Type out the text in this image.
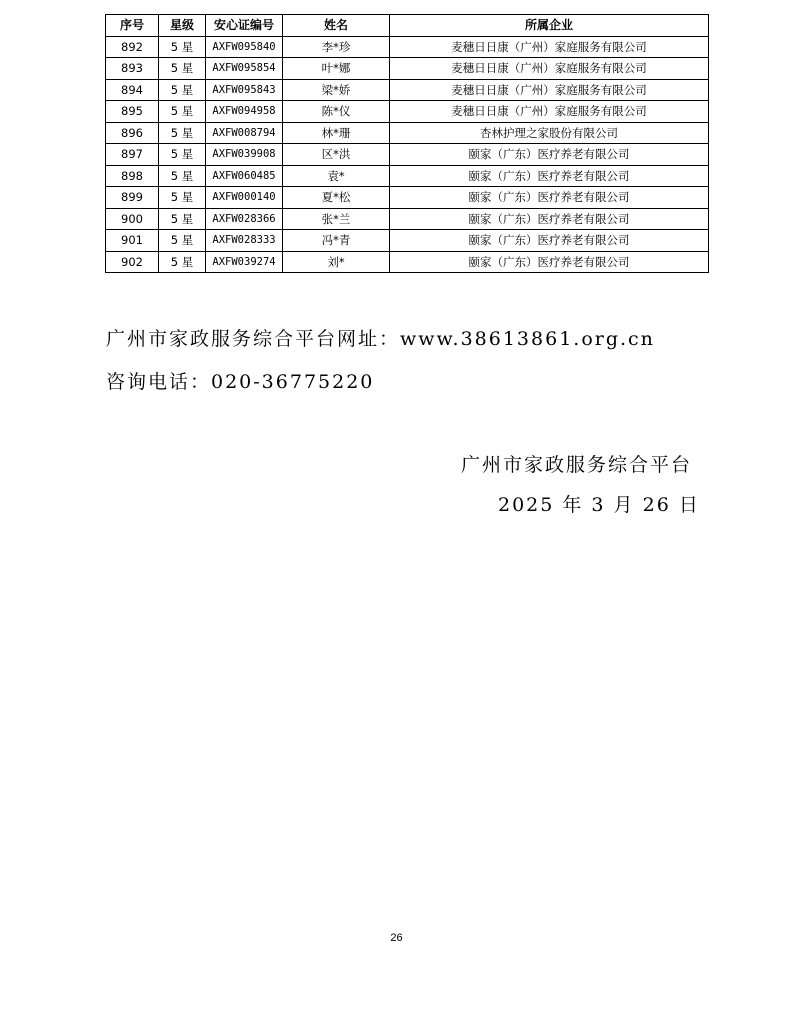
序号	星级	安心证编号	姓名	所属企业
892	5 星	AXFW095840	李*珍	麦穗日日康（广州）家庭服务有限公司
893	5 星	AXFW095854	叶*娜	麦穗日日康（广州）家庭服务有限公司
894	5 星	AXFW095843	梁*娇	麦穗日日康（广州）家庭服务有限公司
895	5 星	AXFW094958	陈*仪	麦穗日日康（广州）家庭服务有限公司
896	5 星	AXFW008794	林*珊	杏林护理之家股份有限公司
897	5 星	AXFW039908	区*洪	颐家（广东）医疗养老有限公司
898	5 星	AXFW060485	袁*	颐家（广东）医疗养老有限公司
899	5 星	AXFW000140	夏*松	颐家（广东）医疗养老有限公司
900	5 星	AXFW028366	张*兰	颐家（广东）医疗养老有限公司
901	5 星	AXFW028333	冯*青	颐家（广东）医疗养老有限公司
902	5 星	AXFW039274	刘*	颐家（广东）医疗养老有限公司
广州市家政服务综合平台网址：www.38613861.org.cn
咨询电话：020-36775220
广州市家政服务综合平台
2025 年 3 月 26 日
26
